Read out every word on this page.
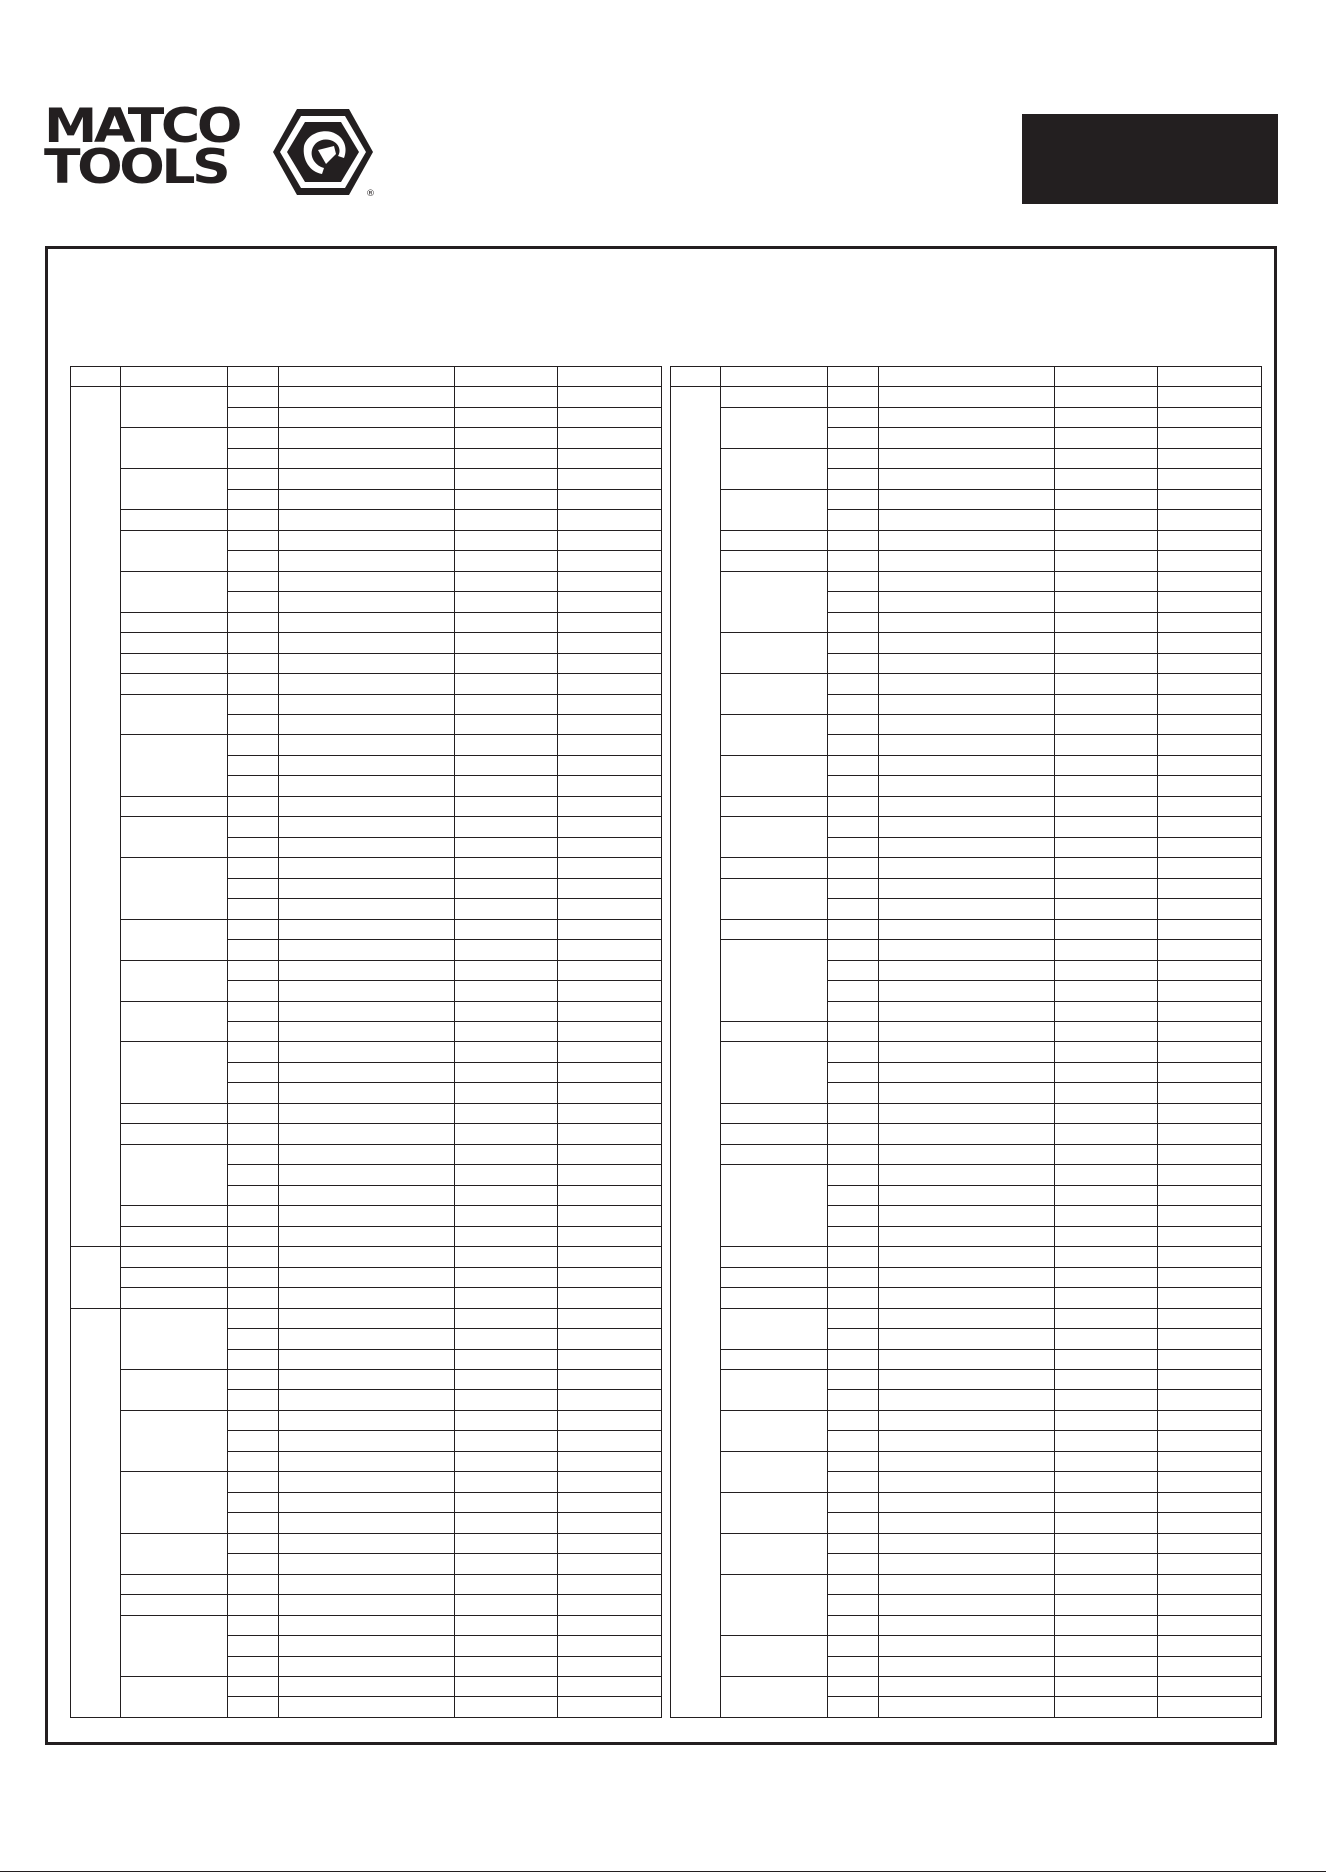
MATCO
TOOLS	®
